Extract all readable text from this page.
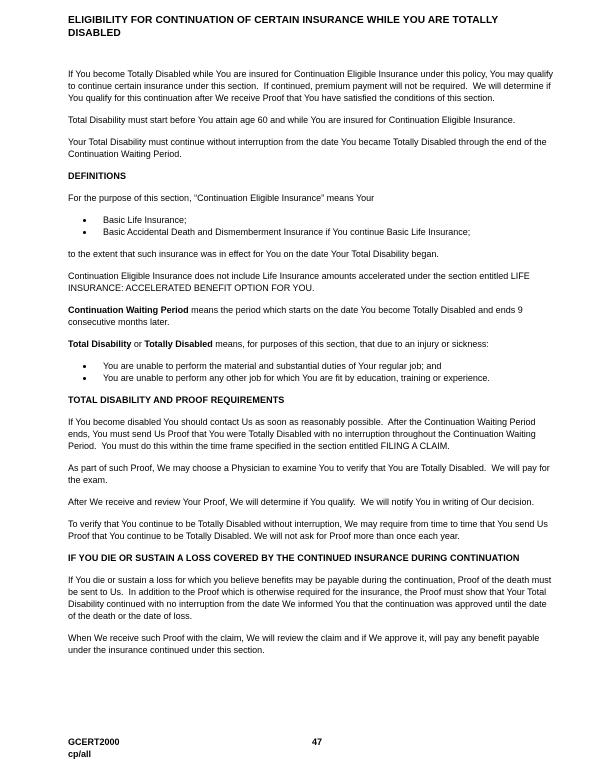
ELIGIBILITY FOR CONTINUATION OF CERTAIN INSURANCE WHILE YOU ARE TOTALLY DISABLED

If You become Totally Disabled while You are insured for Continuation Eligible Insurance under this policy, You may qualify to continue certain insurance under this section.  If continued, premium payment will not be required.  We will determine if You qualify for this continuation after We receive Proof that You have satisfied the conditions of this section.

Total Disability must start before You attain age 60 and while You are insured for Continuation Eligible Insurance.

Your Total Disability must continue without interruption from the date You became Totally Disabled through the end of the Continuation Waiting Period.

DEFINITIONS

For the purpose of this section, “Continuation Eligible Insurance” means Your

• Basic Life Insurance;
• Basic Accidental Death and Dismemberment Insurance if You continue Basic Life Insurance;

to the extent that such insurance was in effect for You on the date Your Total Disability began.

Continuation Eligible Insurance does not include Life Insurance amounts accelerated under the section entitled LIFE INSURANCE: ACCELERATED BENEFIT OPTION FOR YOU.

Continuation Waiting Period means the period which starts on the date You become Totally Disabled and ends 9 consecutive months later.

Total Disability or Totally Disabled means, for purposes of this section, that due to an injury or sickness:

• You are unable to perform the material and substantial duties of Your regular job; and
• You are unable to perform any other job for which You are fit by education, training or experience.
TOTAL DISABILITY AND PROOF REQUIREMENTS

If You become disabled You should contact Us as soon as reasonably possible.  After the Continuation Waiting Period ends, You must send Us Proof that You were Totally Disabled with no interruption throughout the Continuation Waiting Period.  You must do this within the time frame specified in the section entitled FILING A CLAIM.

As part of such Proof, We may choose a Physician to examine You to verify that You are Totally Disabled.  We will pay for the exam.

After We receive and review Your Proof, We will determine if You qualify.  We will notify You in writing of Our decision.

To verify that You continue to be Totally Disabled without interruption, We may require from time to time that You send Us Proof that You continue to be Totally Disabled. We will not ask for Proof more than once each year.

IF YOU DIE OR SUSTAIN A LOSS COVERED BY THE CONTINUED INSURANCE DURING CONTINUATION

If You die or sustain a loss for which you believe benefits may be payable during the continuation, Proof of the death must be sent to Us.  In addition to the Proof which is otherwise required for the insurance, the Proof must show that Your Total Disability continued with no interruption from the date We informed You that the continuation was approved until the date of the death or the date of loss.

When We receive such Proof with the claim, We will review the claim and if We approve it, will pay any benefit payable under the insurance continued under this section.

GCERT2000
cp/all
47
